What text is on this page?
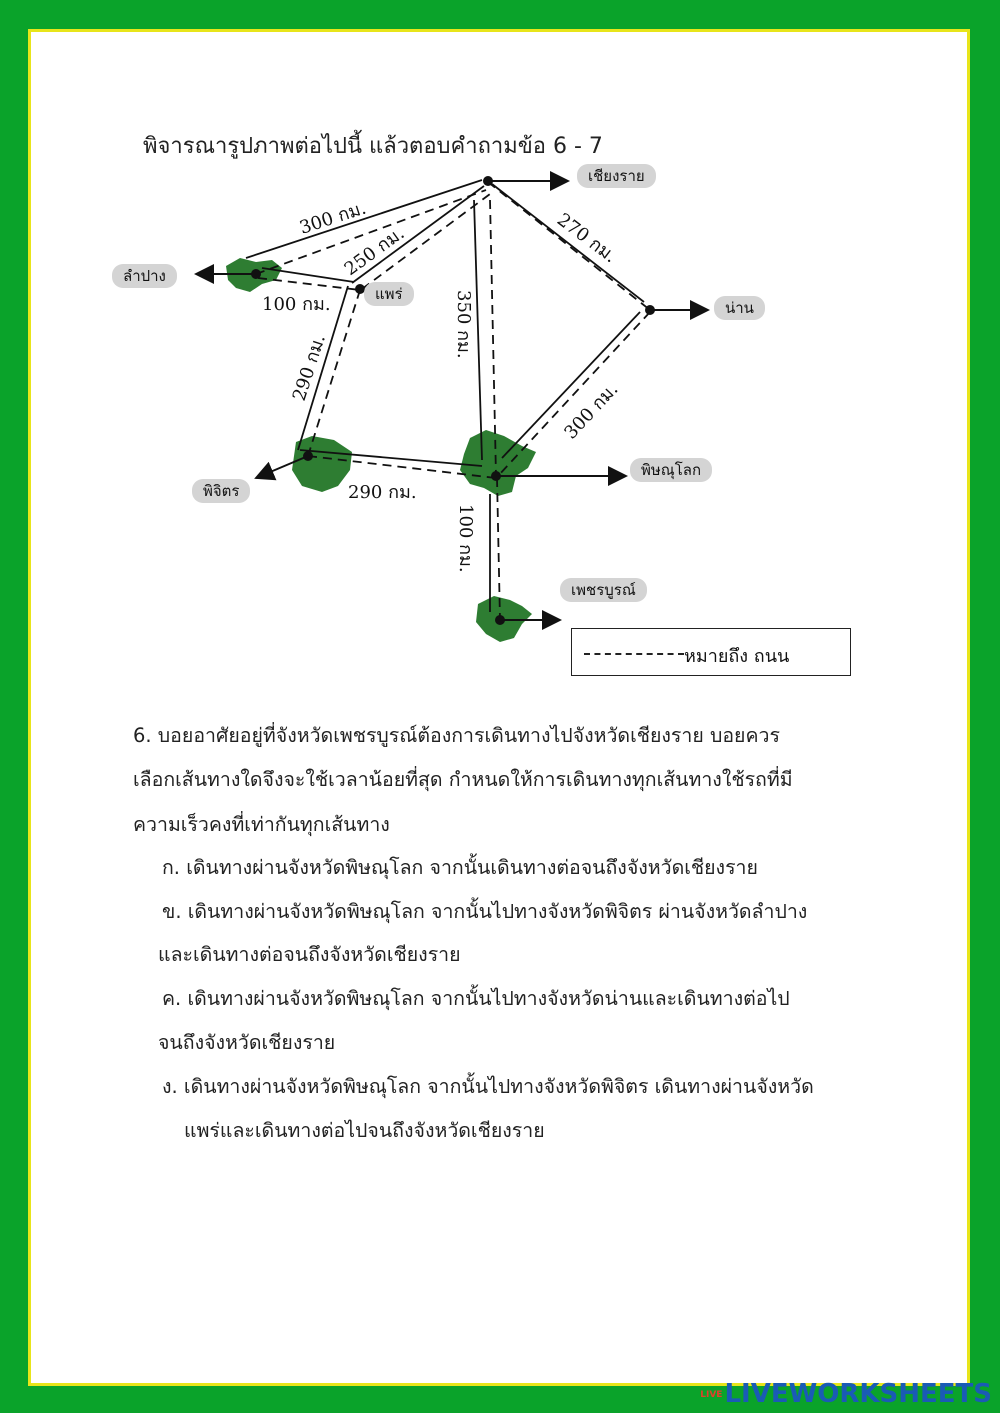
พิจารณารูปภาพต่อไปนี้ แล้วตอบคำถามข้อ 6 - 7
300 กม.
250 กม.
100 กม.
290 กม.
350 กม.
270 กม.
300 กม.
290 กม.
100 กม.
เชียงราย
ลำปาง
แพร่
น่าน
พิษณุโลก
พิจิตร
เพชรบูรณ์
หมายถึง ถนน
6. บอยอาศัยอยู่ที่จังหวัดเพชรบูรณ์ต้องการเดินทางไปจังหวัดเชียงราย บอยควร
เลือกเส้นทางใดจึงจะใช้เวลาน้อยที่สุด กำหนดให้การเดินทางทุกเส้นทางใช้รถที่มี
ความเร็วคงที่เท่ากันทุกเส้นทาง
ก. เดินทางผ่านจังหวัดพิษณุโลก จากนั้นเดินทางต่อจนถึงจังหวัดเชียงราย
ข. เดินทางผ่านจังหวัดพิษณุโลก จากนั้นไปทางจังหวัดพิจิตร ผ่านจังหวัดลำปาง
และเดินทางต่อจนถึงจังหวัดเชียงราย
ค. เดินทางผ่านจังหวัดพิษณุโลก จากนั้นไปทางจังหวัดน่านและเดินทางต่อไป
จนถึงจังหวัดเชียงราย
ง. เดินทางผ่านจังหวัดพิษณุโลก จากนั้นไปทางจังหวัดพิจิตร เดินทางผ่านจังหวัด
แพร่และเดินทางต่อไปจนถึงจังหวัดเชียงราย
LIVELIVEWORKSHEETS
